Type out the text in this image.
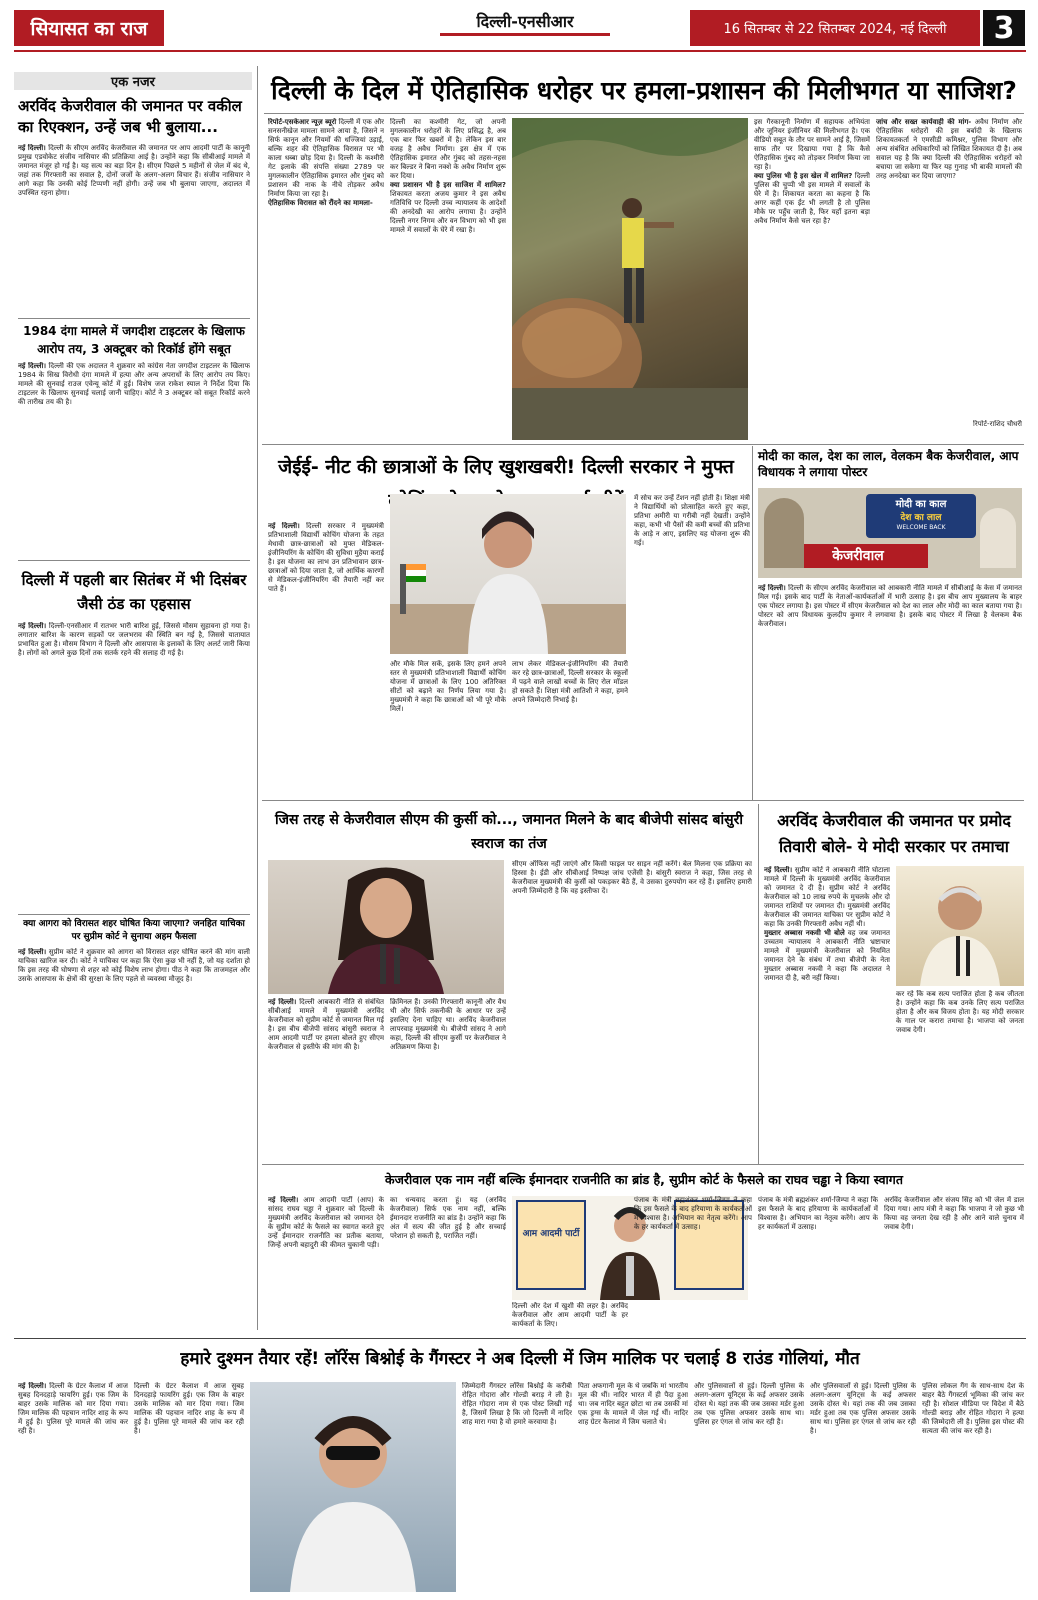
सियासत का राज	दिल्ली-एनसीआर	16 सितम्बर से 22 सितम्बर 2024, नई दिल्ली	3
एक नजर
अरविंद केजरीवाल की जमानत पर वकील का रिएक्शन, उन्हें जब भी बुलाया...
नई दिल्ली। दिल्ली के सीएम अरविंद केजरीवाल की जमानत पर आप आदमी पार्टी के कानूनी प्रमुख एडवोकेट संजीव नासियार की प्रतिक्रिया आई है। उन्होंने कहा कि सीबीआई मामले में जमानत मंजूर हो गई है। यह सत्य का बड़ा दिन है। सीएम पिछले 5 महीनों से जेल में बंद थे, जहां तक गिरफ्तारी का सवाल है, दोनों जजों के अलग-अलग विचार हैं। संजीव नासियार ने आगे कहा कि उनकी कोई टिप्पणी नहीं होगी। उन्हें जब भी बुलाया जाएगा, अदालत में उपस्थित रहना होगा।
1984 दंगा मामले में जगदीश टाइटलर के खिलाफ आरोप तय, 3 अक्टूबर को रिकॉर्ड होंगे सबूत
नई दिल्ली। दिल्ली की एक अदालत ने शुक्रवार को कांग्रेस नेता जगदीश टाइटलर के खिलाफ 1984 के सिख विरोधी दंगा मामले में हत्या और अन्य अपराधों के लिए आरोप तय किए। मामले की सुनवाई राउज एवेन्यू कोर्ट में हुई। विशेष जज राकेश स्याल ने निर्देश दिया कि टाइटलर के खिलाफ सुनवाई चलाई जानी चाहिए। कोर्ट ने 3 अक्टूबर को सबूत रिकॉर्ड करने की तारीख तय की है।
दिल्ली में पहली बार सितंबर में भी दिसंबर जैसी ठंड का एहसास
नई दिल्ली। दिल्ली-एनसीआर में रातभर भारी बारिश हुई, जिससे मौसम सुहावना हो गया है। लगातार बारिश के कारण सड़कों पर जलभराव की स्थिति बन गई है, जिससे यातायात प्रभावित हुआ है। मौसम विभाग ने दिल्ली और आसपास के इलाकों के लिए अलर्ट जारी किया है। लोगों को अगले कुछ दिनों तक सतर्क रहने की सलाह दी गई है।
क्या आगरा को विरासत शहर घोषित किया जाएगा? जनहित याचिका पर सुप्रीम कोर्ट ने सुनाया अहम फैसला
नई दिल्ली। सुप्रीम कोर्ट ने शुक्रवार को आगरा को विरासत शहर घोषित करने की मांग वाली याचिका खारिज कर दी। कोर्ट ने याचिका पर कहा कि ऐसा कुछ भी नहीं है, जो यह दर्शाता हो कि इस तरह की घोषणा से शहर को कोई विशेष लाभ होगा। पीठ ने कहा कि ताजमहल और उसके आसपास के क्षेत्रों की सुरक्षा के लिए पहले से व्यवस्था मौजूद है।
दिल्ली के दिल में ऐतिहासिक धरोहर पर हमला-प्रशासन की मिलीभगत या साजिश?
रिपोर्ट-एसकेआर न्यूज़ ब्यूरो दिल्ली में एक और सनसनीखेज मामला सामने आया है, जिसने न सिर्फ कानून और नियमों की धज्जियां उड़ाई, बल्कि शहर की ऐतिहासिक विरासत पर भी काला धब्बा छोड़ दिया है। दिल्ली के कश्मीरी गेट इलाके की संपत्ति संख्या 2789 पर मुगलकालीन ऐतिहासिक इमारत और गुंबद को प्रशासन की नाक के नीचे तोड़कर अवैध निर्माण किया जा रहा है।
ऐतिहासिक विरासत को रौंदने का मामला-
दिल्ली का कश्मीरी गेट, जो अपनी मुगलकालीन धरोहरों के लिए प्रसिद्ध है, अब एक बार फिर खबरों में है। लेकिन इस बार वजह है अवैध निर्माण। इस क्षेत्र में एक ऐतिहासिक इमारत और गुंबद को तहस-नहस कर बिल्डर ने बिना नक्शे के अवैध निर्माण शुरू कर दिया।
क्या प्रशासन भी है इस साजिश में शामिल? शिकायत करता अजय कुमार ने इस अवैध गतिविधि पर दिल्ली उच्च न्यायालय के आदेशों की अनदेखी का आरोप लगाया है। उन्होंने दिल्ली नगर निगम और वन विभाग को भी इस मामले में सवालों के घेरे में रखा है।
इस गैरकानूनी निर्माण में सहायक अभियंता और जूनियर इंजीनियर की मिलीभगत है। एक वीडियो सबूत के तौर पर सामने आई है, जिसमें साफ तौर पर दिखाया गया है कि कैसे ऐतिहासिक गुंबद को तोड़कर निर्माण किया जा रहा है।
क्या पुलिस भी है इस खेल में शामिल? दिल्ली पुलिस की चुप्पी भी इस मामले में सवालों के घेरे में है। शिकायत करता का कहना है कि अगर कहीं एक ईंट भी लगती है तो पुलिस मौके पर पहुँच जाती है, फिर यहाँ इतना बड़ा अवैध निर्माण कैसे चल रहा है?
जांच और सख्त कार्यवाही की मांग- अवैध निर्माण और ऐतिहासिक धरोहरों की इस बर्बादी के खिलाफ शिकायतकर्ता ने एमसीडी कमिश्नर, पुलिस विभाग और अन्य संबंधित अधिकारियों को लिखित शिकायत दी है। अब सवाल यह है कि क्या दिल्ली की ऐतिहासिक धरोहरों को बचाया जा सकेगा या फिर यह गुनाह भी बाकी मामलों की तरह अनदेखा कर दिया जाएगा?
रिपोर्ट-राशिद चौधरी
जेईई- नीट की छात्राओं के लिए खुशखबरी! दिल्ली सरकार ने मुफ्त
नई दिल्ली। दिल्ली सरकार ने मुख्यमंत्री प्रतिभाशाली विद्यार्थी कोचिंग योजना के तहत मेधावी छात्र-छात्राओं को मुफ्त मेडिकल-इंजीनियरिंग के कोचिंग की सुविधा मुहैया कराई है। इस योजना का लाभ उन प्रतिभावान छात्र-छात्राओं को दिया जाता है, जो आर्थिक कारणों से मेडिकल-इंजीनियरिंग की तैयारी नहीं कर पाते हैं।
और मौके मिल सकें, इसके लिए हमने अपने स्तर से मुख्यमंत्री प्रतिभाशाली विद्यार्थी कोचिंग योजना में छात्राओं के लिए 100 अतिरिक्त सीटों को बढ़ाने का निर्णय लिया गया है। मुख्यमंत्री ने कहा कि छात्राओं को भी पूरे मौके मिलें।
लाभ लेकर मेडिकल-इंजीनियरिंग की तैयारी कर रहे छात्र-छात्राओं, दिल्ली सरकार के स्कूलों में पढ़ने वाले लाखों बच्चों के लिए रोल मॉडल हो सकते हैं। शिक्षा मंत्री आतिशी ने कहा, हमने अपने जिम्मेदारी निभाई है।
में सोच कर उन्हें टेंशन नहीं होती है। शिक्षा मंत्री ने विद्यार्थियों को प्रोत्साहित करते हुए कहा, प्रतिभा अमीरी या गरीबी नहीं देखती। उन्होंने कहा, कभी भी पैसों की कमी बच्चों की प्रतिभा के आड़े न आए, इसलिए यह योजना शुरू की गई।
मोदी का काल, देश का लाल, वेलकम बैक केजरीवाल, आप विधायक ने लगाया पोस्टर
मोदी का काल
देश का लाल
WELCOME BACK
केजरीवाल
नई दिल्ली। दिल्ली के सीएम अरविंद केजरीवाल को आबकारी नीति मामले में सीबीआई के केस में जमानत मिल गई। इसके बाद पार्टी के नेताओं-कार्यकर्ताओं में भारी उत्साह है। इस बीच आप मुख्यालय के बाहर एक पोस्टर लगाया है। इस पोस्टर में सीएम केजरीवाल को देश का लाल और मोदी का काल बताया गया है। पोस्टर को आप विधायक कुलदीप कुमार ने लगवाया है। इसके बाद पोस्टर में लिखा है वेलकम बैक केजरीवाल।
जिस तरह से केजरीवाल सीएम की कुर्सी को..., जमानत मिलने के बाद बीजेपी सांसद बांसुरी स्वराज का तंज
नई दिल्ली। दिल्ली आबकारी नीति से संबंधित सीबीआई मामले में मुख्यमंत्री अरविंद केजरीवाल को सुप्रीम कोर्ट से जमानत मिल गई है। इस बीच बीजेपी सांसद बांसुरी स्वराज ने आम आदमी पार्टी पर हमला बोलते हुए सीएम केजरीवाल से इस्तीफे की मांग की है।
क्रिमिनल हैं। उनकी गिरफ्तारी कानूनी और वैध थी और सिर्फ तकनीकी के आधार पर उन्हें इसलिए देना चाहिए था। अरविंद केजरीवाल लापरवाह मुख्यमंत्री थे। बीजेपी सांसद ने आगे कहा, दिल्ली की सीएम कुर्सी पर केजरीवाल ने अतिक्रमण किया है।
सीएम ऑफिस नहीं जाएंगे और किसी फाइल पर साइन नहीं करेंगे। बेल मिलना एक प्रक्रिया का हिस्सा है। ईडी और सीबीआई निष्पक्ष जांच एजेंसी है। बांसुरी स्वराज ने कहा, जिस तरह से केजरीवाल मुख्यमंत्री की कुर्सी को पकड़कर बैठे हैं, वे उसका दुरुपयोग कर रहे हैं। इसलिए हमारी अपनी जिम्मेदारी है कि वह इस्तीफा दें।
अरविंद केजरीवाल की जमानत पर प्रमोद तिवारी बोले- ये मोदी सरकार पर तमाचा
नई दिल्ली। सुप्रीम कोर्ट ने आबकारी नीति घोटाला मामले में दिल्ली के मुख्यमंत्री अरविंद केजरीवाल को जमानत दे दी है। सुप्रीम कोर्ट ने अरविंद केजरीवाल को 10 लाख रुपये के मुचलके और दो जमानत राशियों पर जमानत दी। मुख्यमंत्री अरविंद केजरीवाल की जमानत याचिका पर सुप्रीम कोर्ट ने कहा कि उनकी गिरफ्तारी अवैध नहीं थी।
मुख्तार अब्बास नकवी भी बोले वह जब जमानत उच्चतम न्यायालय ने आबकारी नीति भ्रष्टाचार मामले में मुख्यमंत्री केजरीवाल को नियमित जमानत देने के संबंध में तथा बीजेपी के नेता मुख्तार अब्बास नकवी ने कहा कि अदालत ने जमानत दी है, बरी नहीं किया।
कर रहे कि कब सत्य पराजित होता है कब जीतता है। उन्होंने कहा कि कब उनके लिए सत्य पराजित होता है और कब विजय होता है। यह मोदी सरकार के गाल पर करारा तमाचा है। भाजपा को जनता जवाब देगी।
केजरीवाल एक नाम नहीं बल्कि ईमानदार राजनीति का ब्रांड है, सुप्रीम कोर्ट के फैसले का राघव चड्ढा ने किया स्वागत
नई दिल्ली। आम आदमी पार्टी (आप) के सांसद राघव चड्ढा ने शुक्रवार को दिल्ली के मुख्यमंत्री अरविंद केजरीवाल को जमानत देने के सुप्रीम कोर्ट के फैसले का स्वागत करते हुए उन्हें ईमानदार राजनीति का प्रतीक बताया, जिन्हें अपनी बहादुरी की कीमत चुकानी पड़ी।
का धन्यवाद करता हूं। यह (अरविंद केजरीवाल) सिर्फ एक नाम नहीं, बल्कि ईमानदार राजनीति का ब्रांड है। उन्होंने कहा कि अंत में सत्य की जीत हुई है और सच्चाई परेशान हो सकती है, पराजित नहीं।	आम आदमी पार्टी
दिल्ली और देश में खुशी की लहर है। अरविंद केजरीवाल और आम आदमी पार्टी के हर कार्यकर्ता के लिए।
पंजाब के मंत्री ब्रह्मशंकर शर्मा-जिम्पा ने कहा कि इस फैसले के बाद हरियाणा के कार्यकर्ताओं में विश्वास है। अभियान का नेतृत्व करेंगे। आप के हर कार्यकर्ता में उत्साह।
पंजाब के मंत्री ब्रह्मशंकर शर्मा-जिम्पा ने कहा कि इस फैसले के बाद हरियाणा के कार्यकर्ताओं में विश्वास है। अभियान का नेतृत्व करेंगे। आप के हर कार्यकर्ता में उत्साह।
अरविंद केजरीवाल और संजय सिंह को भी जेल में डाल दिया गया। आप मंत्री ने कहा कि भाजपा ने जो कुछ भी किया वह जनता देख रही है और आने वाले चुनाव में जवाब देगी।
हमारे दुश्मन तैयार रहें! लॉरेंस बिश्नोई के गैंगस्टर ने अब दिल्ली में जिम मालिक पर चलाई 8 राउंड गोलियां, मौत
नई दिल्ली। दिल्ली के ग्रेटर कैलाश में आज सुबह दिनदहाड़े फायरिंग हुई। एक जिम के बाहर उसके मालिक को मार दिया गया। जिम मालिक की पहचान नादिर शाह के रूप में हुई है। पुलिस पूरे मामले की जांच कर रही है।
दिल्ली के ग्रेटर कैलाश में आज सुबह दिनदहाड़े फायरिंग हुई। एक जिम के बाहर उसके मालिक को मार दिया गया। जिम मालिक की पहचान नादिर शाह के रूप में हुई है। पुलिस पूरे मामले की जांच कर रही है।
जिम्मेदारी गैंगस्टर लॉरेंस बिश्नोई के करीबी रोहित गोदारा और गोल्डी बराड़ ने ली है। रोहित गोदारा नाम से एक पोस्ट लिखी गई है, जिसमें लिखा है कि जो दिल्ली में नादिर शाह मारा गया है वो हमारे करवाया है।
पिता अफगानी मूल के थे जबकि मां भारतीय मूल की थीं। नादिर भारत में ही पैदा हुआ था। जब नादिर बहुत छोटा था तब उसकी मां एक ड्रग्स के मामले में जेल गई थीं। नादिर शाह ग्रेटर कैलाश में जिम चलाते थे।
और पुलिसवालों से हुई। दिल्ली पुलिस के अलग-अलग यूनिट्स के कई अफसर उसके दोस्त थे। यहां तक की जब उसका मर्डर हुआ तब एक पुलिस अफसर उसके साथ था। पुलिस हर एंगल से जांच कर रही है।
और पुलिसवालों से हुई। दिल्ली पुलिस के अलग-अलग यूनिट्स के कई अफसर उसके दोस्त थे। यहां तक की जब उसका मर्डर हुआ तब एक पुलिस अफसर उसके साथ था। पुलिस हर एंगल से जांच कर रही है।
पुलिस लोकल गैंग के साथ-साथ देश के बाहर बैठे गैंगस्टर्स भूमिका की जांच कर रही है। सोशल मीडिया पर विदेश में बैठे गोल्डी बराड़ और रोहित गोदारा ने हत्या की जिम्मेदारी ली है। पुलिस इस पोस्ट की सत्यता की जांच कर रही है।
